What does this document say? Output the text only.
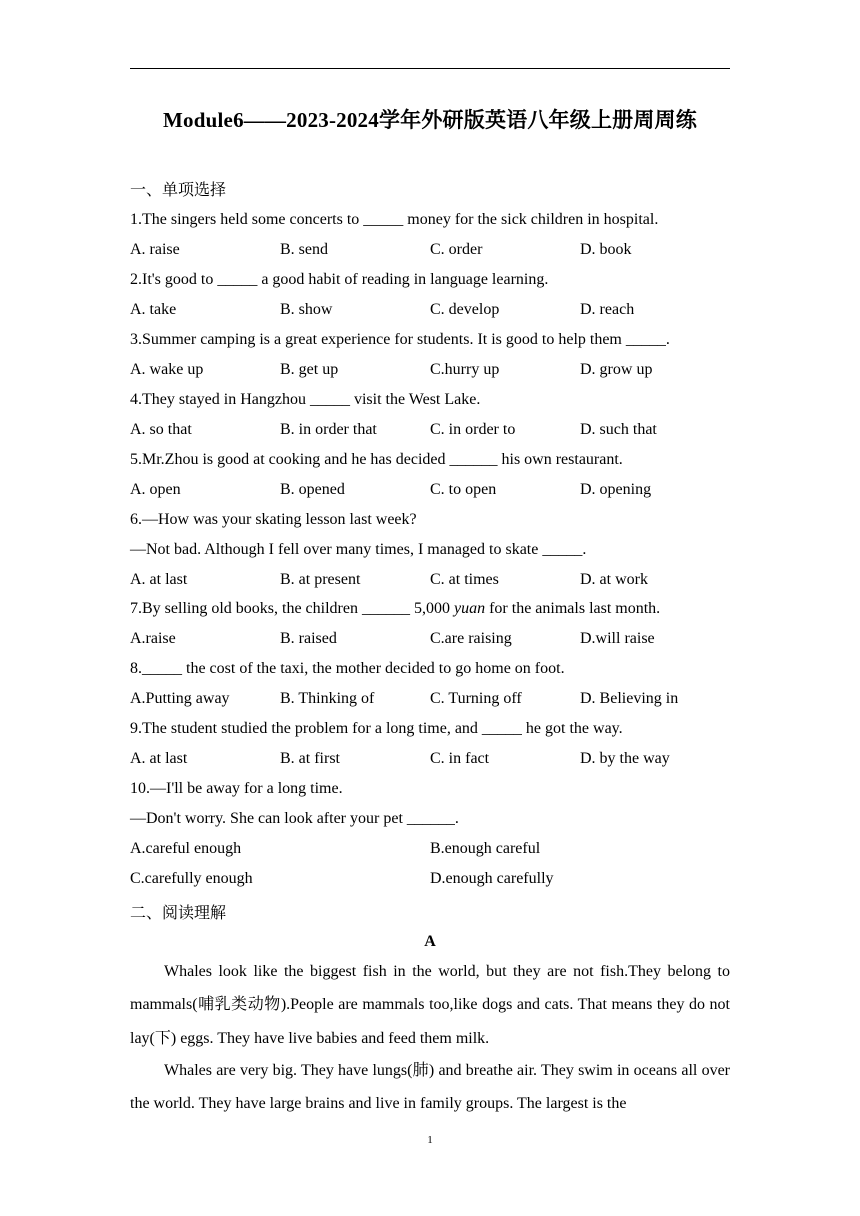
Module6——2023-2024学年外研版英语八年级上册周周练
一、单项选择
1.The singers held some concerts to _____ money for the sick children in hospital.
A. raise	B. send	C. order	D. book
2.It's good to _____ a good habit of reading in language learning.
A. take	B. show	C. develop	D. reach
3.Summer camping is a great experience for students. It is good to help them _____.
A. wake up	B. get up	C.hurry up	D. grow up
4.They stayed in Hangzhou _____ visit the West Lake.
A. so that	B. in order that	C. in order to	D. such that
5.Mr.Zhou is good at cooking and he has decided ______ his own restaurant.
A. open	B. opened	C. to open	D. opening
6.—How was your skating lesson last week?
—Not bad. Although I fell over many times, I managed to skate _____.
A. at last	B. at present	C. at times	D. at work
7.By selling old books, the children ______ 5,000 yuan for the animals last month.
A.raise	B. raised	C.are raising	D.will raise
8._____ the cost of the taxi, the mother decided to go home on foot.
A.Putting away	B. Thinking of	C. Turning off	D. Believing in
9.The student studied the problem for a long time, and _____ he got the way.
A. at last	B. at first	C. in fact	D. by the way
10.—I'll be away for a long time.
—Don't worry. She can look after your pet ______.
A.careful enough	B.enough careful
C.carefully enough	D.enough carefully
二、阅读理解
A
Whales look like the biggest fish in the world, but they are not fish.They belong to mammals(哺乳类动物).People are mammals too,like dogs and cats. That means they do not lay(下) eggs. They have live babies and feed them milk.
Whales are very big. They have lungs(肺) and breathe air. They swim in oceans all over the world. They have large brains and live in family groups. The largest is the
1
